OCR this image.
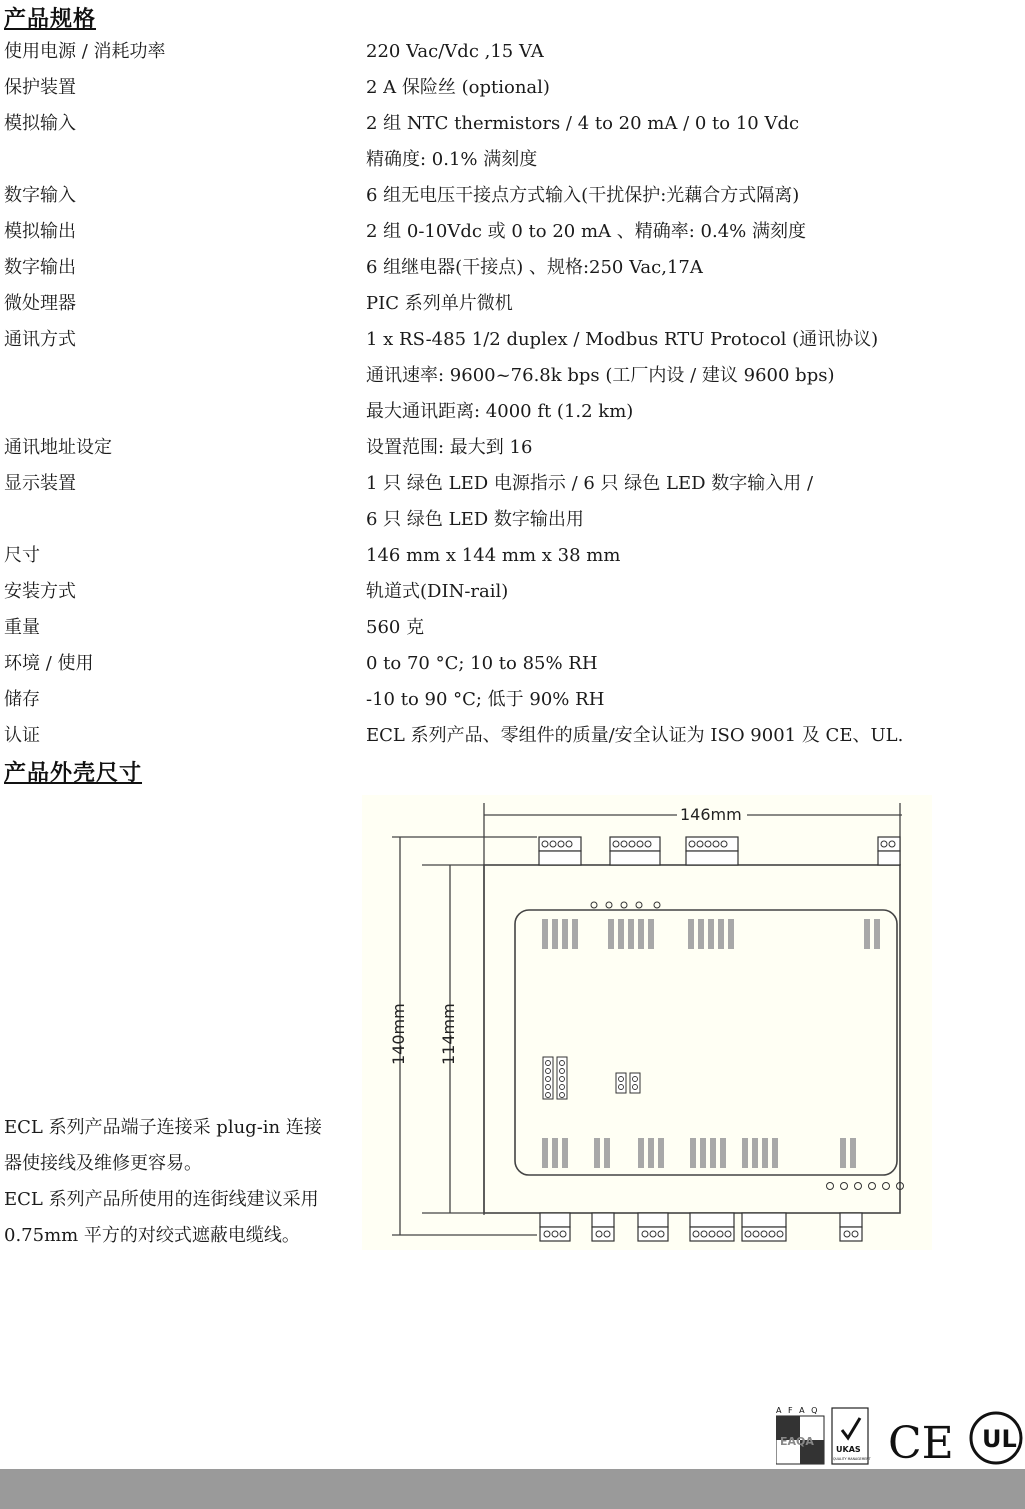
产品规格
使用电源 / 消耗功率	220 Vac/Vdc ,15 VA
保护装置	2 A 保险丝 (optional)
模拟输入	2 组 NTC thermistors / 4 to 20 mA / 0 to 10 Vdc
精确度: 0.1% 满刻度
数字输入	6 组无电压干接点方式输入(干扰保护:光藕合方式隔离)
模拟输出	2 组 0-10Vdc 或 0 to 20 mA 、精确率: 0.4% 满刻度
数字输出	6 组继电器(干接点) 、规格:250 Vac,17A
微处理器	PIC 系列单片微机
通讯方式	1 x RS-485 1/2 duplex / Modbus RTU Protocol (通讯协议)
通讯速率: 9600~76.8k bps (工厂内设 / 建议 9600 bps)
最大通讯距离: 4000 ft (1.2 km)
通讯地址设定	设置范围: 最大到 16
显示装置	1 只 绿色 LED 电源指示 / 6 只 绿色 LED 数字输入用 /
6 只 绿色 LED 数字输出用
尺寸	146 mm x 144 mm x 38 mm
安装方式	轨道式(DIN-rail)
重量	560 克
环境 / 使用	0 to 70 °C; 10 to 85% RH
储存	-10 to 90 °C; 低于 90% RH
认证	ECL 系列产品、零组件的质量/安全认证为 ISO 9001 及 CE、UL.
产品外壳尺寸

ECL 系列产品端子连接采 plug-in 连接

器使接线及维修更容易。

ECL 系列产品所使用的连街线建议采用

0.75mm 平方的对绞式遮蔽电缆线。

146mm
140mm 114mm
A F A Q
EAQA
UKAS
QUALITY MANAGEMENT CE UL
